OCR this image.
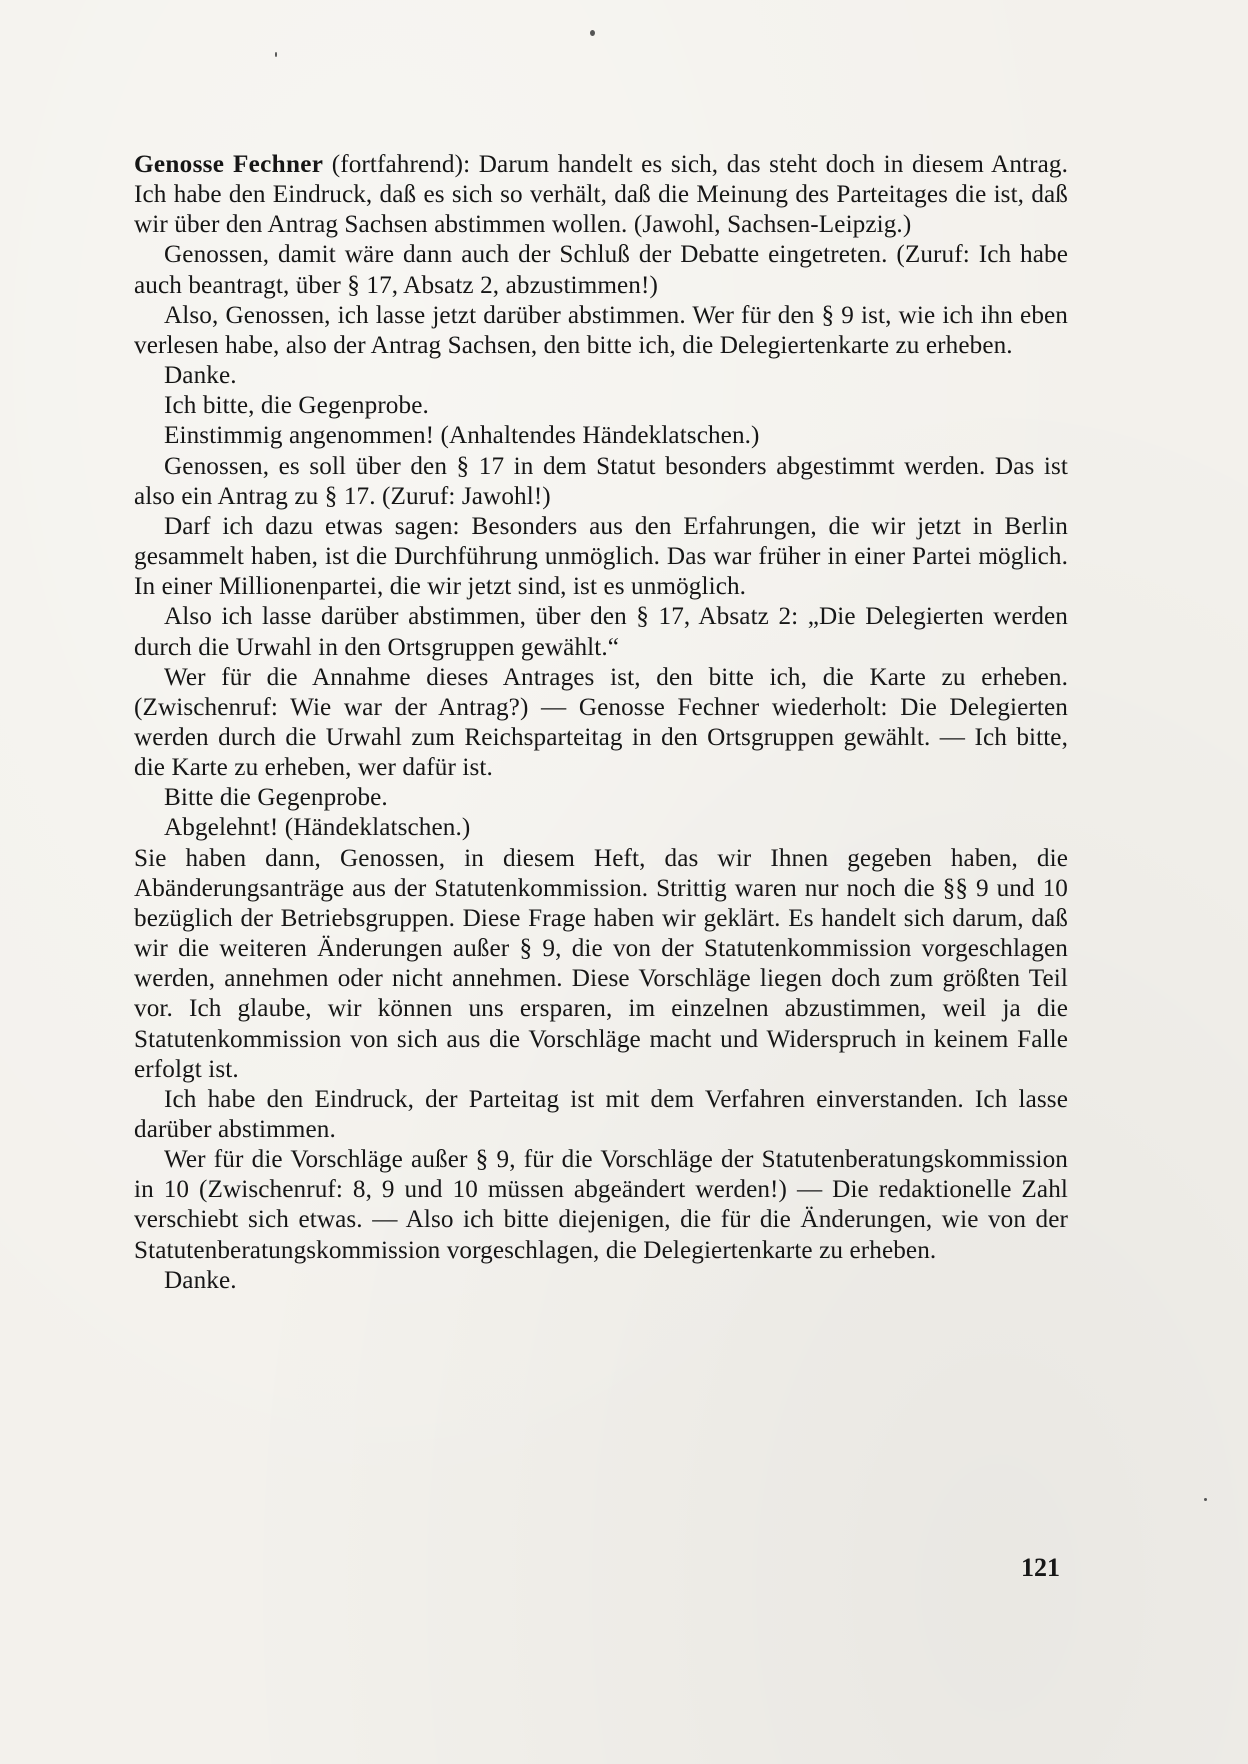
Genosse Fechner (fortfahrend): Darum handelt es sich, das steht doch in diesem Antrag. Ich habe den Eindruck, daß es sich so verhält, daß die Meinung des Parteitages die ist, daß wir über den Antrag Sachsen abstimmen wollen. (Jawohl, Sachsen-Leipzig.)

Genossen, damit wäre dann auch der Schluß der Debatte eingetreten. (Zuruf: Ich habe auch beantragt, über § 17, Absatz 2, abzustimmen!)

Also, Genossen, ich lasse jetzt darüber abstimmen. Wer für den § 9 ist, wie ich ihn eben verlesen habe, also der Antrag Sachsen, den bitte ich, die Delegiertenkarte zu erheben.

Danke.

Ich bitte, die Gegenprobe.

Einstimmig angenommen! (Anhaltendes Händeklatschen.)

Genossen, es soll über den § 17 in dem Statut besonders abgestimmt werden. Das ist also ein Antrag zu § 17. (Zuruf: Jawohl!)

Darf ich dazu etwas sagen: Besonders aus den Erfahrungen, die wir jetzt in Berlin gesammelt haben, ist die Durchführung unmöglich. Das war früher in einer Partei möglich. In einer Millionenpartei, die wir jetzt sind, ist es unmöglich.

Also ich lasse darüber abstimmen, über den § 17, Absatz 2: „Die Delegierten werden durch die Urwahl in den Ortsgruppen gewählt.“

Wer für die Annahme dieses Antrages ist, den bitte ich, die Karte zu erheben. (Zwischenruf: Wie war der Antrag?) — Genosse Fechner wiederholt: Die Delegierten werden durch die Urwahl zum Reichsparteitag in den Ortsgruppen gewählt. — Ich bitte, die Karte zu erheben, wer dafür ist.

Bitte die Gegenprobe.

Abgelehnt! (Händeklatschen.)

Sie haben dann, Genossen, in diesem Heft, das wir Ihnen gegeben haben, die Abänderungsanträge aus der Statutenkommission. Strittig waren nur noch die §§ 9 und 10 bezüglich der Betriebsgruppen. Diese Frage haben wir geklärt. Es handelt sich darum, daß wir die weiteren Änderungen außer § 9, die von der Statutenkommission vorgeschlagen werden, annehmen oder nicht annehmen. Diese Vorschläge liegen doch zum größten Teil vor. Ich glaube, wir können uns ersparen, im einzelnen abzustimmen, weil ja die Statutenkommission von sich aus die Vorschläge macht und Widerspruch in keinem Falle erfolgt ist.

Ich habe den Eindruck, der Parteitag ist mit dem Verfahren einverstanden. Ich lasse darüber abstimmen.

Wer für die Vorschläge außer § 9, für die Vorschläge der Statutenberatungskommission in 10 (Zwischenruf: 8, 9 und 10 müssen abgeändert werden!) — Die redaktionelle Zahl verschiebt sich etwas. — Also ich bitte diejenigen, die für die Änderungen, wie von der Statutenberatungskommission vorgeschlagen, die Delegiertenkarte zu erheben.

Danke.

121
